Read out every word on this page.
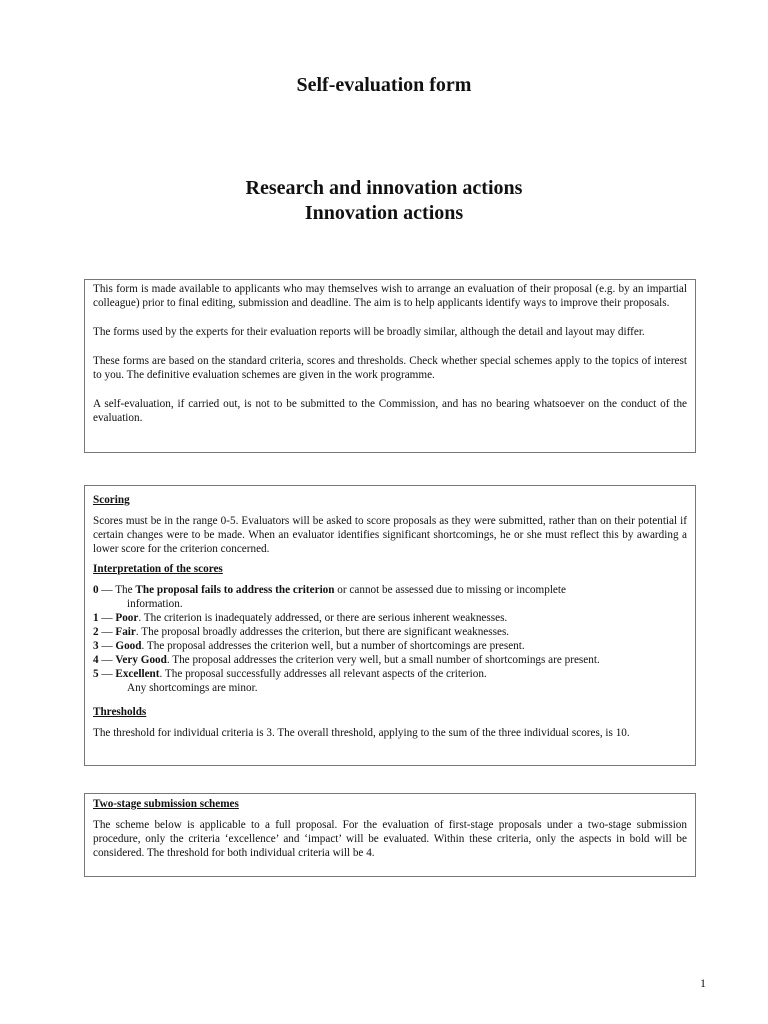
Self-evaluation form
Research and innovation actions
Innovation actions

This form is made available to applicants who may themselves wish to arrange an evaluation of their proposal (e.g. by an impartial colleague) prior to final editing, submission and deadline. The aim is to help applicants identify ways to improve their proposals.

The forms used by the experts for their evaluation reports will be broadly similar, although the detail and layout may differ.

These forms are based on the standard criteria, scores and thresholds. Check whether special schemes apply to the topics of interest to you. The definitive evaluation schemes are given in the work programme.

A self-evaluation, if carried out, is not to be submitted to the Commission, and has no bearing whatsoever on the conduct of the evaluation.

Scoring

Scores must be in the range 0-5. Evaluators will be asked to score proposals as they were submitted, rather than on their potential if certain changes were to be made. When an evaluator identifies significant shortcomings, he or she must reflect this by awarding a lower score for the criterion concerned.

Interpretation of the scores

0 — The The proposal fails to address the criterion or cannot be assessed due to missing or incomplete

information.

1 — Poor. The criterion is inadequately addressed, or there are serious inherent weaknesses.

2 — Fair. The proposal broadly addresses the criterion, but there are significant weaknesses.

3 — Good. The proposal addresses the criterion well, but a number of shortcomings are present.

4 — Very Good. The proposal addresses the criterion very well, but a small number of shortcomings are present.

5 — Excellent. The proposal successfully addresses all relevant aspects of the criterion.

Any shortcomings are minor.

Thresholds

The threshold for individual criteria is 3. The overall threshold, applying to the sum of the three individual scores, is 10.

Two-stage submission schemes

The scheme below is applicable to a full proposal. For the evaluation of first-stage proposals under a two-stage submission procedure, only the criteria ‘excellence’ and ‘impact’ will be evaluated. Within these criteria, only the aspects in bold will be considered. The threshold for both individual criteria will be 4.

1
